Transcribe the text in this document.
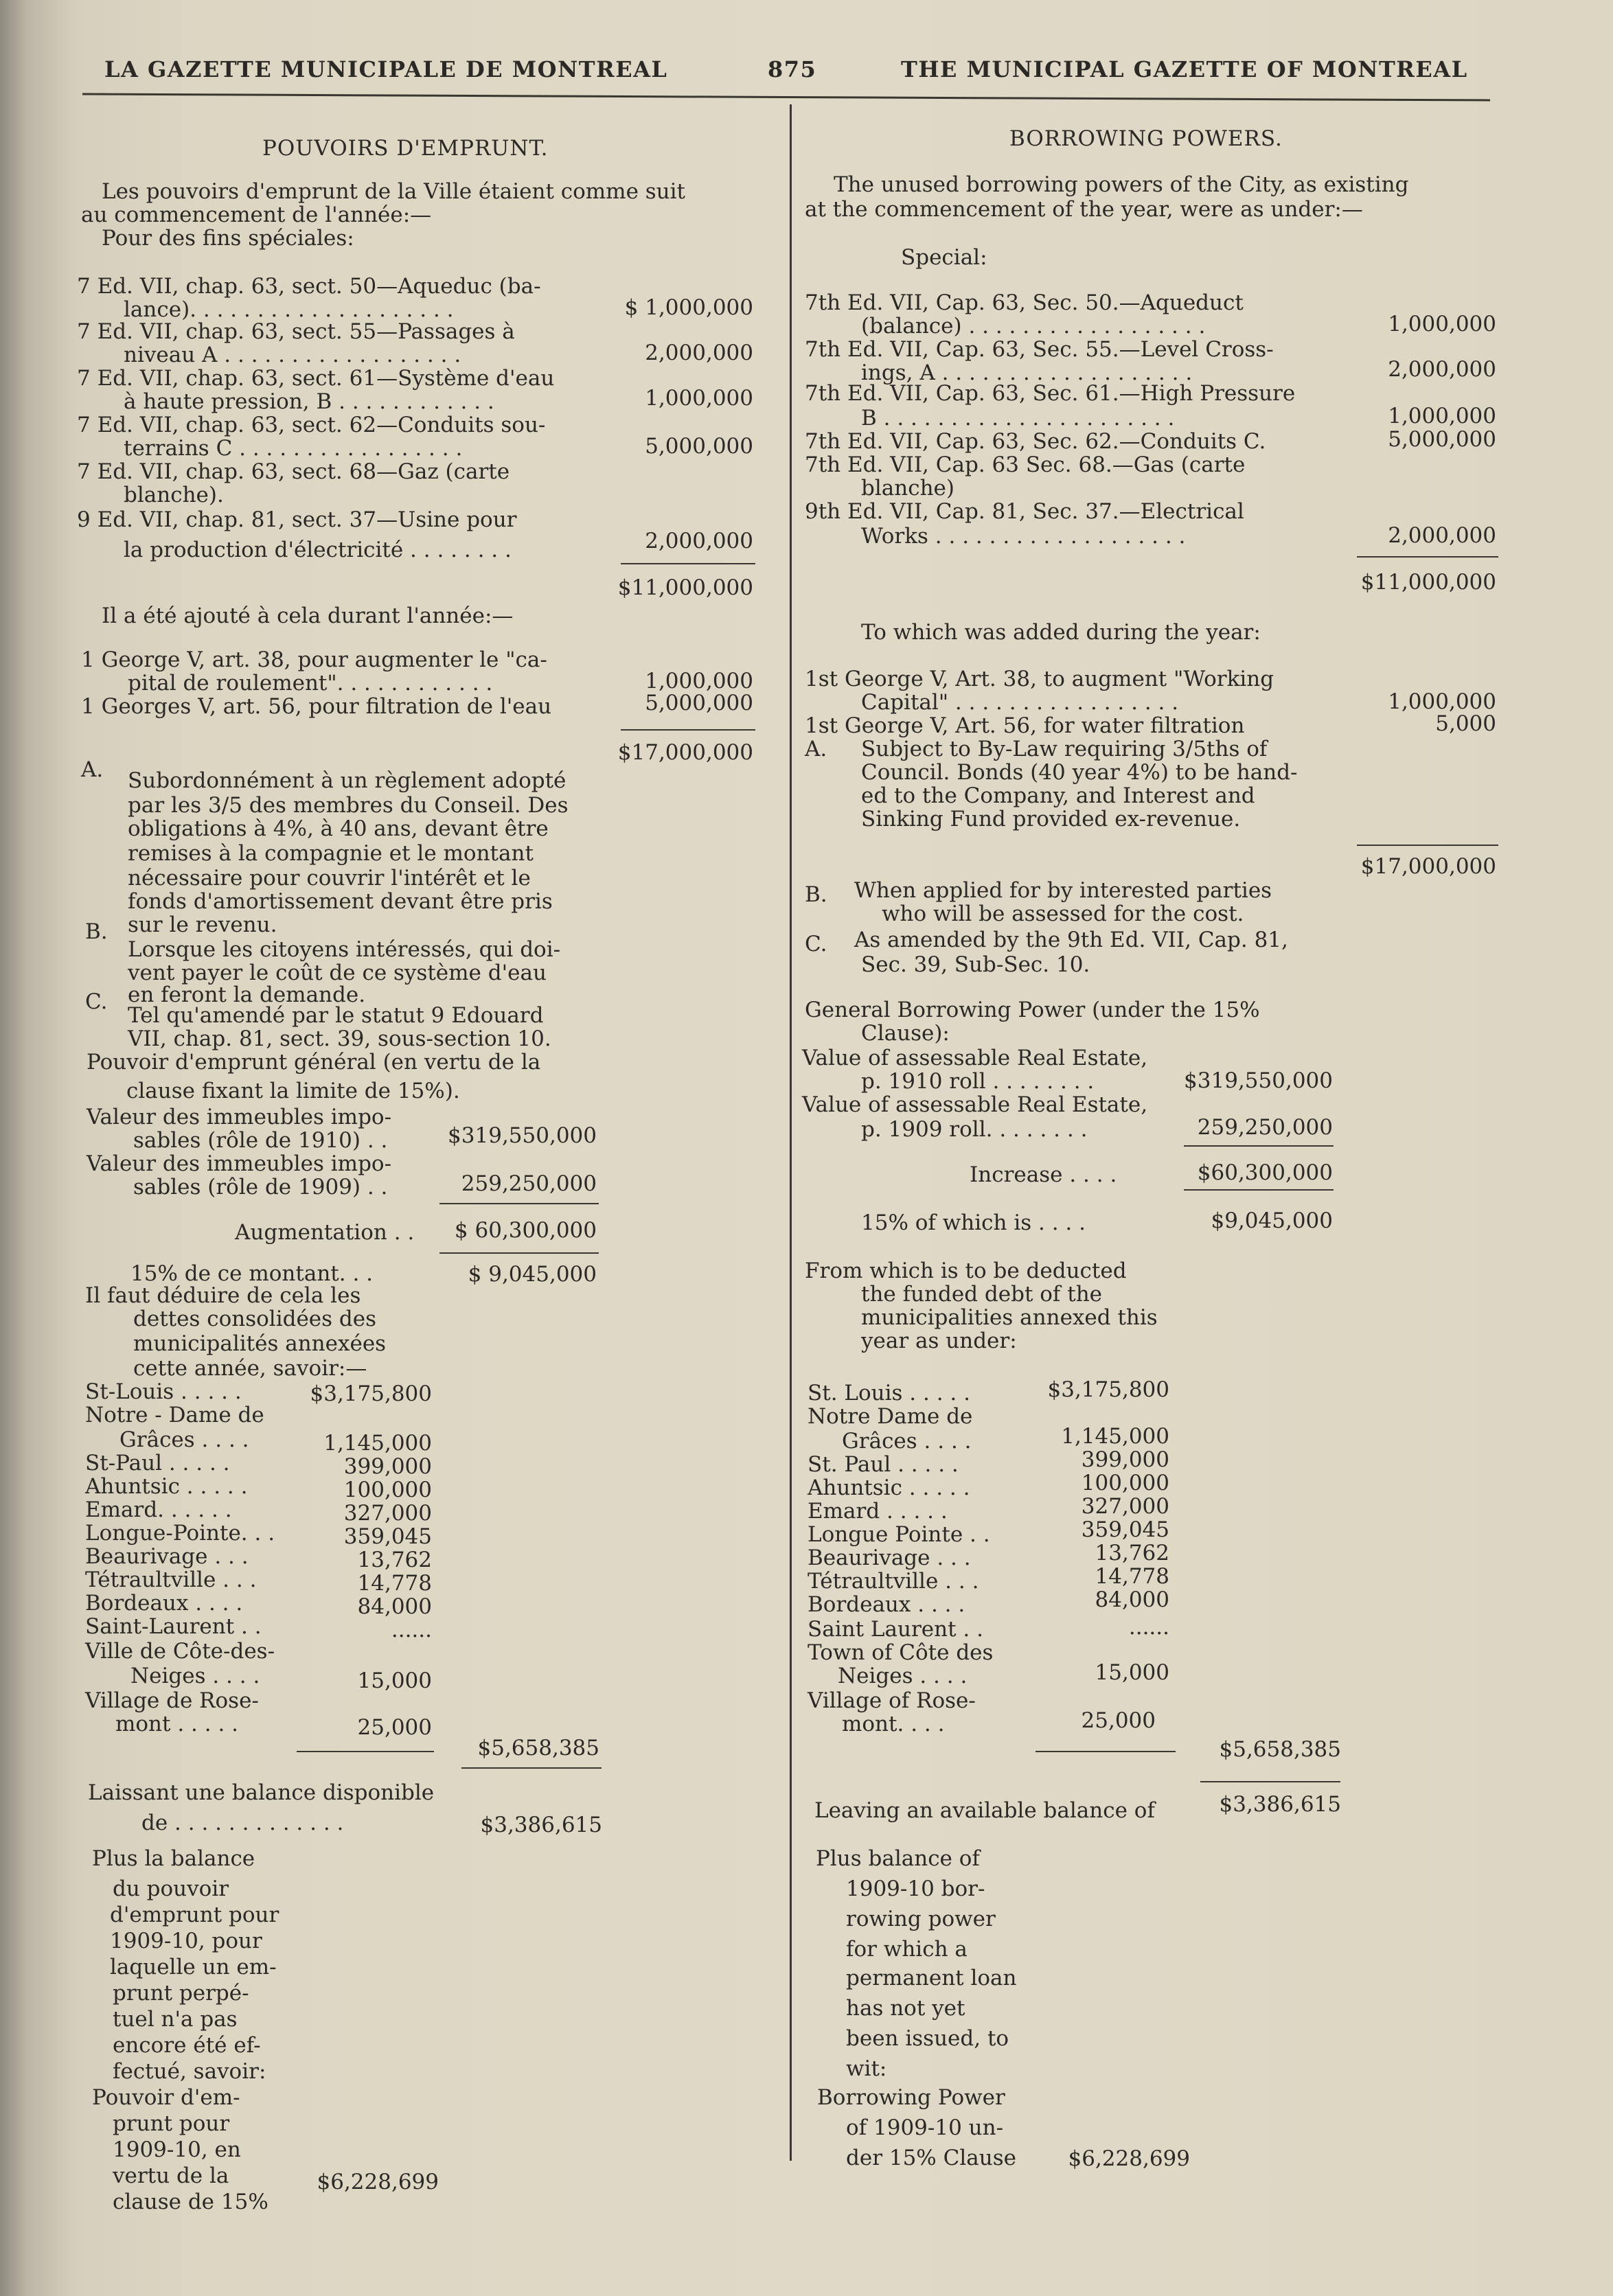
LA GAZETTE MUNICIPALE DE MONTREAL	875	THE MUNICIPAL GAZETTE OF MONTREAL
POUVOIRS D'EMPRUNT.
Les pouvoirs d'emprunt de la Ville étaient comme suit
au commencement de l'année:—
Pour des fins spéciales:
7 Ed. VII, chap. 63, sect. 50—Aqueduc (ba-
lance). . . . . . . . . . . . . . . . . . . .	$ 1,000,000
7 Ed. VII, chap. 63, sect. 55—Passages à
niveau A . . . . . . . . . . . . . . . . . .	2,000,000
7 Ed. VII, chap. 63, sect. 61—Système d'eau
à haute pression, B . . . . . . . . . . . .	1,000,000
7 Ed. VII, chap. 63, sect. 62—Conduits sou-
terrains C . . . . . . . . . . . . . . . . .	5,000,000
7 Ed. VII, chap. 63, sect. 68—Gaz (carte
blanche).
9 Ed. VII, chap. 81, sect. 37—Usine pour
la production d'électricité . . . . . . . .	2,000,000
$11,000,000
Il a été ajouté à cela durant l'année:—
1 George V, art. 38, pour augmenter le "ca-
pital de roulement". . . . . . . . . . . .	1,000,000
1 Georges V, art. 56, pour filtration de l'eau	5,000,000
$17,000,000
A. Subordonnément à un règlement adopté
par les 3/5 des membres du Conseil. Des
obligations à 4%, à 40 ans, devant être
remises à la compagnie et le montant
nécessaire pour couvrir l'intérêt et le
fonds d'amortissement devant être pris
sur le revenu.
B.
Lorsque les citoyens intéressés, qui doi-
vent payer le coût de ce système d'eau
en feront la demande.
C.
Tel qu'amendé par le statut 9 Edouard
VII, chap. 81, sect. 39, sous-section 10.
Pouvoir d'emprunt général (en vertu de la
clause fixant la limite de 15%).
Valeur des immeubles impo-
sables (rôle de 1910) . .	$319,550,000
Valeur des immeubles impo-
sables (rôle de 1909) . .	259,250,000
Augmentation . . $ 60,300,000
15% de ce montant. . .	$ 9,045,000
Il faut déduire de cela les
dettes consolidées des
municipalités annexées
cette année, savoir:—
St-Louis . . . . .	$3,175,800
Notre - Dame de
Grâces . . . .	1,145,000
St-Paul . . . . .	399,000
Ahuntsic . . . . .	100,000
Emard. . . . . .	327,000
Longue-Pointe. . .	359,045
Beaurivage . . .	13,762
Tétraultville . . .	14,778
Bordeaux . . . .	84,000
Saint-Laurent . .	......
Ville de Côte-des-
Neiges . . . .	15,000
Village de Rose-
mont . . . . .	25,000
$5,658,385
Laissant une balance disponible
de . . . . . . . . . . . . .	$3,386,615
Plus la balance
du pouvoir
d'emprunt pour
1909-10, pour
laquelle un em-
prunt perpé-
tuel n'a pas
encore été ef-
fectué, savoir:
Pouvoir d'em-
prunt pour
1909-10, en
vertu de la
clause de 15%
$6,228,699
BORROWING POWERS.
The unused borrowing powers of the City, as existing
at the commencement of the year, were as under:—
Special:
7th Ed. VII, Cap. 63, Sec. 50.—Aqueduct
(balance) . . . . . . . . . . . . . . . . . .	1,000,000
7th Ed. VII, Cap. 63, Sec. 55.—Level Cross-
ings, A . . . . . . . . . . . . . . . . . . .	2,000,000
7th Ed. VII, Cap. 63, Sec. 61.—High Pressure
B . . . . . . . . . . . . . . . . . . . . . .	1,000,000
7th Ed. VII, Cap. 63, Sec. 62.—Conduits C.	5,000,000
7th Ed. VII, Cap. 63 Sec. 68.—Gas (carte
blanche)
9th Ed. VII, Cap. 81, Sec. 37.—Electrical
Works . . . . . . . . . . . . . . . . . . .	2,000,000
$11,000,000
To which was added during the year:
1st George V, Art. 38, to augment "Working
Capital" . . . . . . . . . . . . . . . . .	1,000,000
1st George V, Art. 56, for water filtration	5,000
A. Subject to By-Law requiring 3/5ths of
Council. Bonds (40 year 4%) to be hand-
ed to the Company, and Interest and
Sinking Fund provided ex-revenue.
$17,000,000
B. When applied for by interested parties
who will be assessed for the cost.
C. As amended by the 9th Ed. VII, Cap. 81,
Sec. 39, Sub-Sec. 10.
General Borrowing Power (under the 15%
Clause):
Value of assessable Real Estate,
p. 1910 roll . . . . . . . .	$319,550,000
Value of assessable Real Estate,
p. 1909 roll. . . . . . . .	259,250,000
Increase . . . .	$60,300,000
15% of which is . . . .	$9,045,000
From which is to be deducted
the funded debt of the
municipalities annexed this
year as under:
St. Louis . . . . .	$3,175,800
Notre Dame de
Grâces . . . .	1,145,000
St. Paul . . . . .	399,000
Ahuntsic . . . . .	100,000
Emard . . . . .	327,000
Longue Pointe . .	359,045
Beaurivage . . .	13,762
Tétraultville . . .	14,778
Bordeaux . . . .	84,000
Saint Laurent . .	......
Town of Côte des
Neiges . . . .	15,000
Village of Rose-
mont. . . .	25,000
$5,658,385
Leaving an available balance of	$3,386,615
Plus balance of
1909-10 bor-
rowing power
for which a
permanent loan
has not yet
been issued, to
wit:
Borrowing Power
of 1909-10 un-
der 15% Clause $6,228,699
